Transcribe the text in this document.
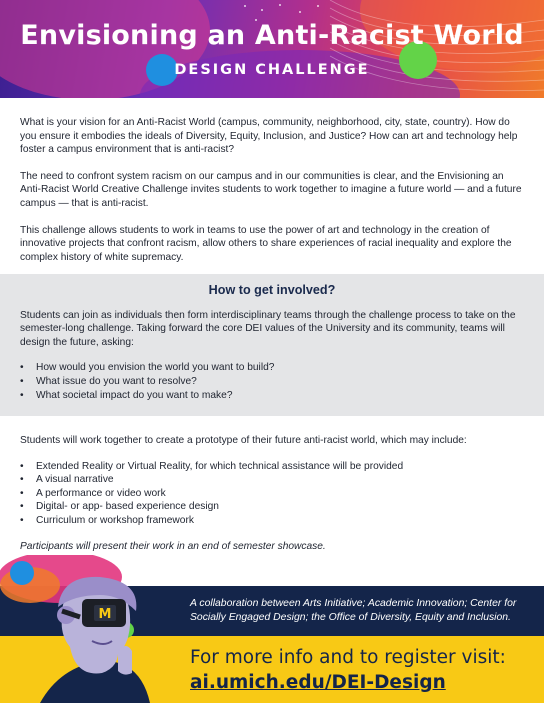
Envisioning an Anti-Racist World
DESIGN CHALLENGE

What is your vision for an Anti-Racist World (campus, community, neighborhood, city, state, country). How do you ensure it embodies the ideals of Diversity, Equity, Inclusion, and Justice? How can art and technology help foster a campus environment that is anti-racist?

The need to confront system racism on our campus and in our communities is clear, and the Envisioning an Anti-Racist World Creative Challenge invites students to work together to imagine a future world — and a future campus — that is anti-racist.

This challenge allows students to work in teams to use the power of art and technology in the creation of innovative projects that confront racism, allow others to share experiences of racial inequality and explore the complex history of white supremacy.

How to get involved?

Students can join as individuals then form interdisciplinary teams through the challenge process to take on the semester-long challenge. Taking forward the core DEI values of the University and its community, teams will design the future, asking:

• How would you envision the world you want to build?
• What issue do you want to resolve?
• What societal impact do you want to make?

Students will work together to create a prototype of their future anti-racist world, which may include:

• Extended Reality or Virtual Reality, for which technical assistance will be provided
• A visual narrative
• A performance or video work
• Digital- or app- based experience design
• Curriculum or workshop framework

Participants will present their work in an end of semester showcase.

A collaboration between Arts Initiative; Academic Innovation; Center for Socially Engaged Design; the Office of Diversity, Equity and Inclusion.

For more info and to register visit:
ai.umich.edu/DEI-Design
M
